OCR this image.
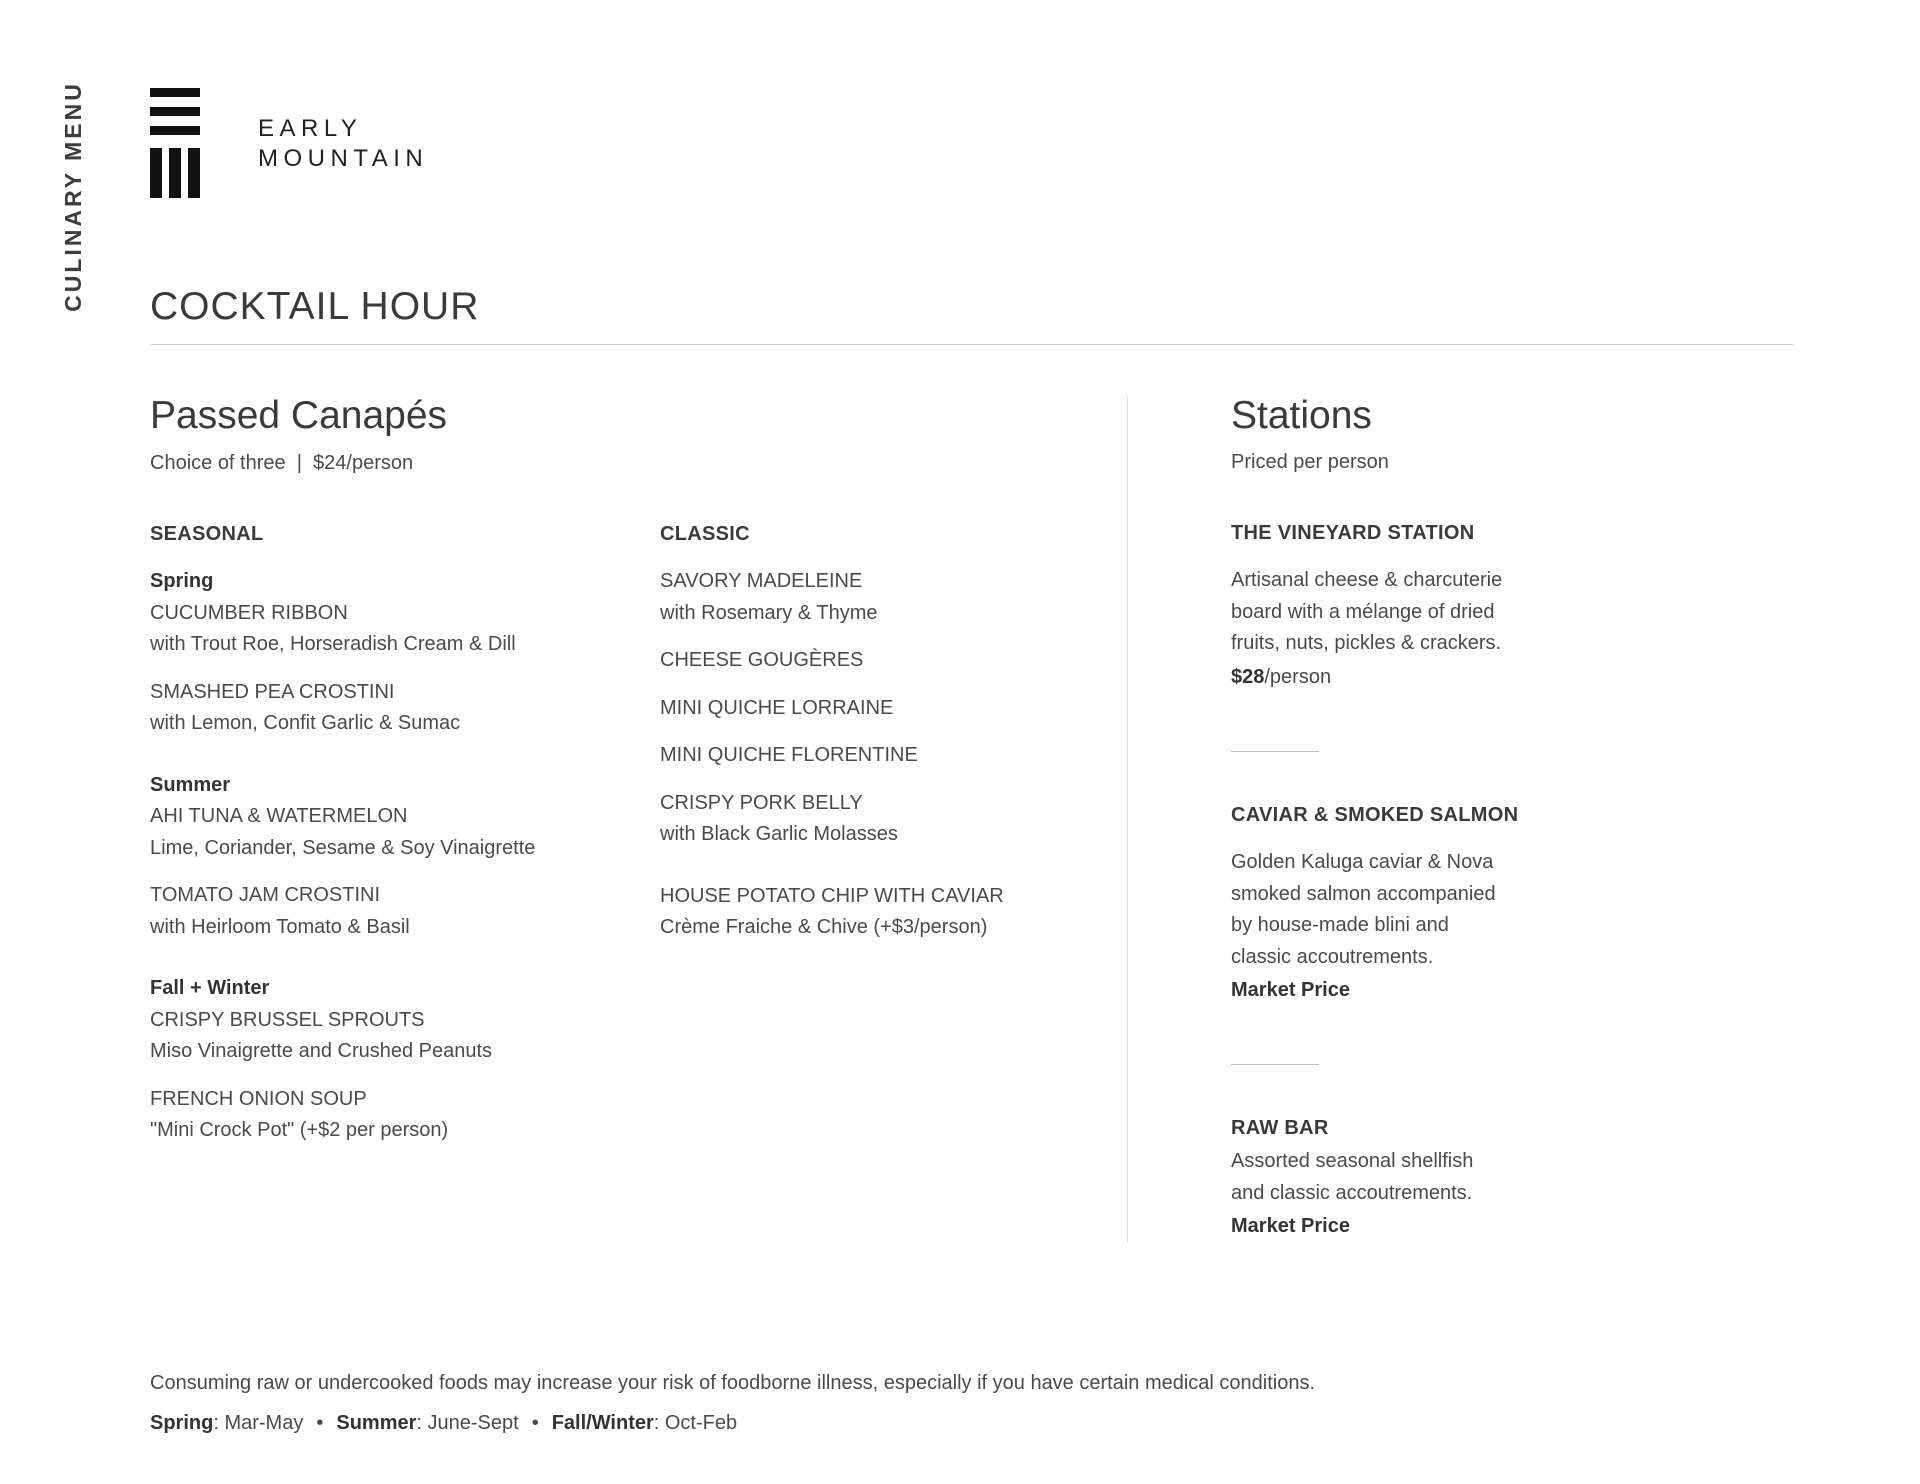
CULINARY MENU	EARLY
MOUNTAIN
COCKTAIL HOUR
Passed Canapés
Choice of three  |  $24/person
SEASONAL
Spring
CUCUMBER RIBBON
with Trout Roe, Horseradish Cream & Dill
SMASHED PEA CROSTINI
with Lemon, Confit Garlic & Sumac
Summer
AHI TUNA & WATERMELON
Lime, Coriander, Sesame & Soy Vinaigrette
TOMATO JAM CROSTINI
with Heirloom Tomato & Basil
Fall + Winter
CRISPY BRUSSEL SPROUTS
Miso Vinaigrette and Crushed Peanuts
FRENCH ONION SOUP
"Mini Crock Pot" (+$2 per person)
CLASSIC
SAVORY MADELEINE
with Rosemary & Thyme
CHEESE GOUGÈRES
MINI QUICHE LORRAINE
MINI QUICHE FLORENTINE
CRISPY PORK BELLY
with Black Garlic Molasses
HOUSE POTATO CHIP WITH CAVIAR
Crème Fraiche & Chive (+$3/person)
Stations
Priced per person
THE VINEYARD STATION
Artisanal cheese & charcuterie
board with a mélange of dried
fruits, nuts, pickles & crackers.
$28/person
CAVIAR & SMOKED SALMON
Golden Kaluga caviar & Nova
smoked salmon accompanied
by house-made blini and
classic accoutrements.
Market Price
RAW BAR
Assorted seasonal shellfish
and classic accoutrements.
Market Price
Consuming raw or undercooked foods may increase your risk of foodborne illness, especially if you have certain medical conditions.
Spring: Mar-May • Summer: June-Sept • Fall/Winter: Oct-Feb
